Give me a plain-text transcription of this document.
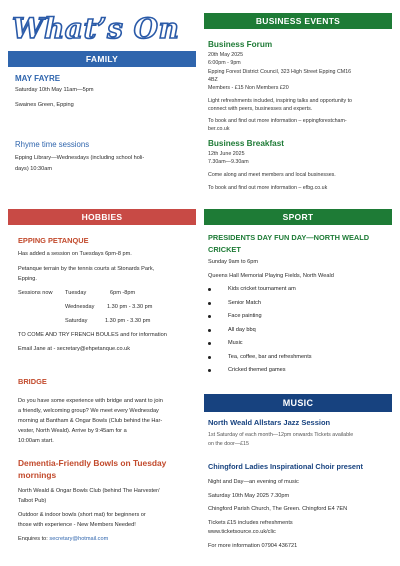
What’s On
FAMILY
MAY FAYRE
Saturday 10th May 11am—5pm
Swaines Green, Epping
Rhyme time sessions
Epping Library—Wednesdays (including school holi-
days) 10:30am
BUSINESS EVENTS
Business Forum
20th May 2025
6:00pm - 9pm
Epping Forest District Council, 323 High Street Epping CM16
4BZ
Members - £15 Non Members £20
Light refreshments included, inspiring talks and opportunity to
connect with peers, businesses and experts.
To book and find out more information – eppingforestcham-
ber.co.uk
Business Breakfast
12th June 2025
7.30am—9.30am
Come along and meet members and local businesses.
To book and find out more information – efbg.co.uk
HOBBIES
EPPING PETANQUE
Has added a session on Tuesdays 6pm-8 pm.
Petanque terrain by the tennis courts at Stonards Park,
Epping.
Sessions now Tuesday	6pm -8pm
Wednesday 1.30 pm - 3.30 pm
Saturday	1.30 pm - 3.30 pm
TO COME AND TRY FRENCH BOULES and for information
Email Jane at - secretary@ehpetanque.co.uk
BRIDGE
Do you have some experience with bridge and want to join
a friendly, welcoming group? We meet every Wednesday
morning at Bantham & Ongar Bowls (Club behind the Har-
vester, North Weald). Arrive by 9:45am for a
10:00am start.
Dementia-Friendly Bowls on Tuesday
mornings
North Weald & Ongar Bowls Club (behind The Harvester/
Talbot Pub)
Outdoor & indoor bowls (short mat) for beginners or
those with experience - New Members Needed!
Enquires to: secretary@hotmail.com
SPORT
PRESIDENTS DAY FUN DAY—NORTH WEALD
CRICKET
Sunday 9am to 6pm
Queens Hall Memorial Playing Fields, North Weald
Kids cricket tournament am
Senior Match
Face painting
All day bbq
Music
Tea, coffee, bar and refreshments
Cricked themed games
MUSIC
North Weald Allstars Jazz Session
1st Saturday of each month—12pm onwards Tickets available
on the door—£15
Chingford Ladies Inspirational Choir present
Night and Day—an evening of music
Saturday 10th May 2025 7.30pm
Chingford Parish Church, The Green. Chingford E4 7EN
Tickets £15 includes refreshments
www.ticketsource.co.uk/clic
For more information 07904 436721
